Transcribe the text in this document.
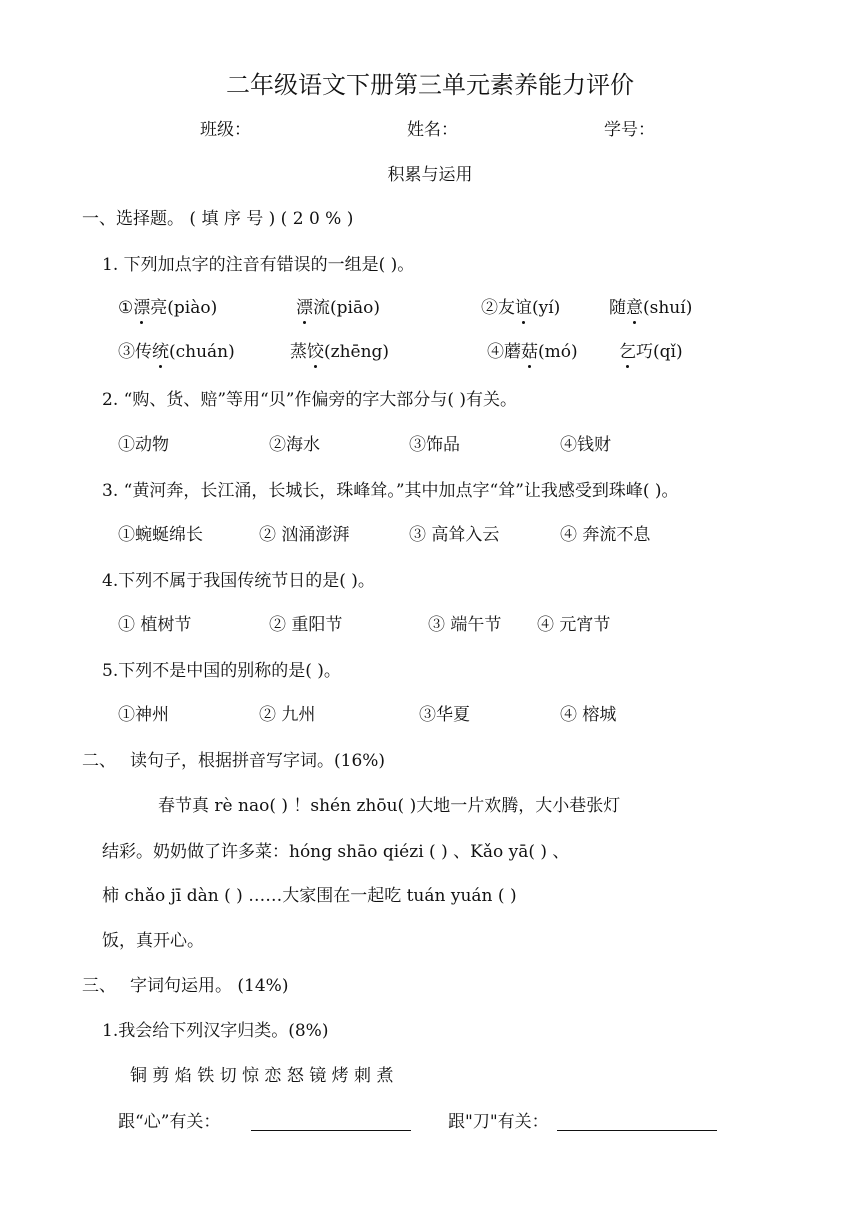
二年级语文下册第三单元素养能力评价
班级：	姓名：	学号：
积累与运用
一、选择题。 ( 填 序 号 ) ( 2 0 % )
1. 下列加点字的注音有错误的一组是( )。
①漂亮(piào)	漂流(piāo)	②友谊(yí)	随意(shuí)
③传统(chuán)	蒸饺(zhēng)	④蘑菇(mó) 乞巧(qǐ)
2. “购、货、赔”等用“贝”作偏旁的字大部分与( )有关。
①动物	②海水	③饰品	④钱财
3. “黄河奔，长江涌，长城长，珠峰耸。”其中加点字“耸”让我感受到珠峰( )。
①蜿蜒绵长	② 汹涌澎湃	③ 高耸入云	④ 奔流不息
4.下列不属于我国传统节日的是( )。
① 植树节	② 重阳节	③ 端午节 ④ 元宵节
5.下列不是中国的别称的是( )。
①神州	② 九州	③华夏	④ 榕城
二、 读句子，根据拼音写字词。(16%)
春节真 rè nao( ) ！shén zhōu( )大地一片欢腾，大小巷张灯
结彩。奶奶做了许多菜：hóng shāo qiézi ( ) 、Kǎo yā( ) 、
柿 chǎo jī dàn ( ) ……大家围在一起吃 tuán yuán ( )
饭，真开心。
三、 字词句运用。 (14%)
1.我会给下列汉字归类。(8%)
铜 剪 焰 铁 切 惊 恋 怒 镜 烤 刺 煮
跟“心”有关：	跟"刀"有关：
